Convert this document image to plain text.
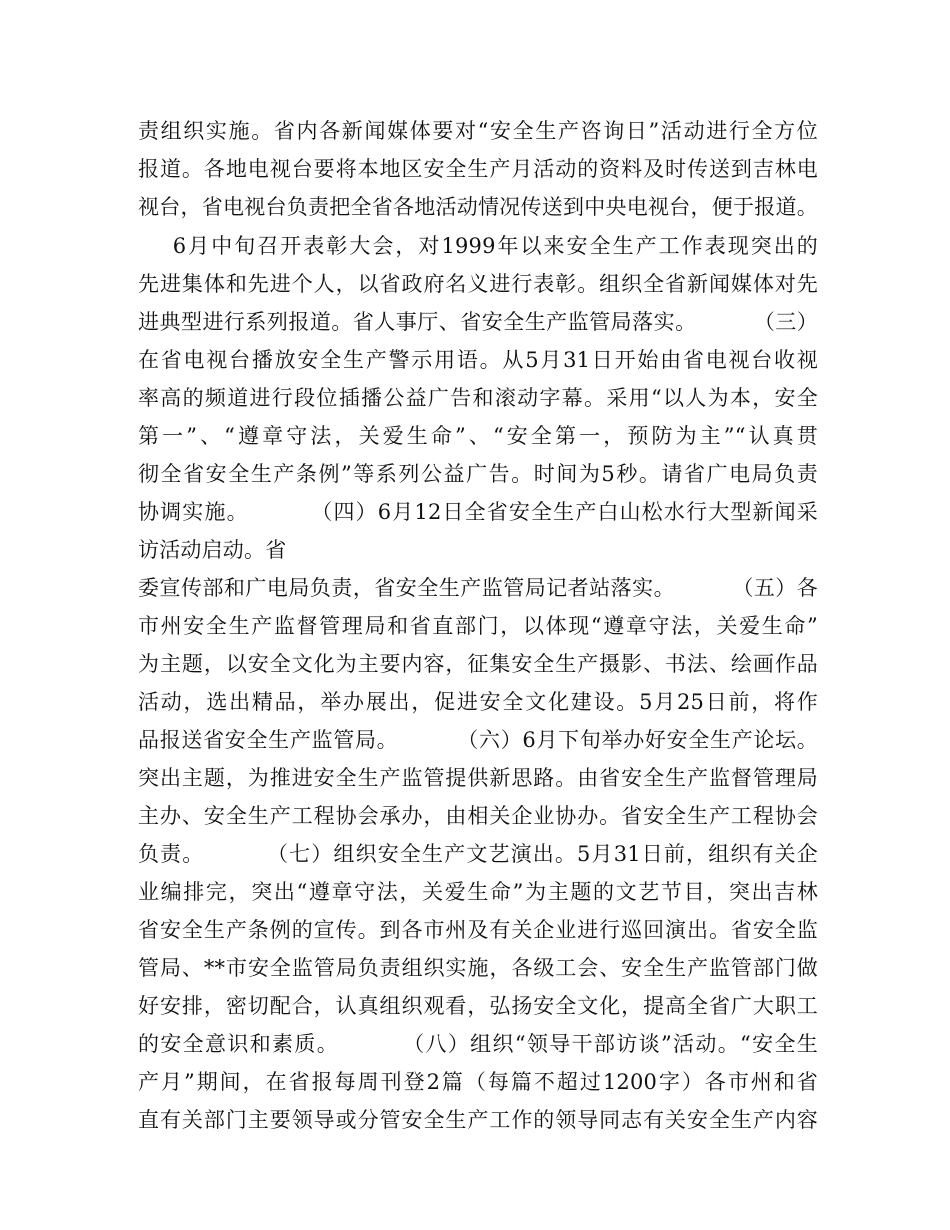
责组织实施。省内各新闻媒体要对“安全生产咨询日”活动进行全方位
报道。各地电视台要将本地区安全生产月活动的资料及时传送到吉林电
视台，省电视台负责把全省各地活动情况传送到中央电视台，便于报道。
6月中旬召开表彰大会，对1999年以来安全生产工作表现突出的
先进集体和先进个人，以省政府名义进行表彰。组织全省新闻媒体对先
进典型进行系列报道。省人事厅、省安全生产监管局落实。        （三）
在省电视台播放安全生产警示用语。从5月31日开始由省电视台收视
率高的频道进行段位插播公益广告和滚动字幕。采用“以人为本，安全
第一”、“遵章守法，关爱生命”、“安全第一，预防为主”“认真贯
彻全省安全生产条例”等系列公益广告。时间为5秒。请省广电局负责
协调实施。        （四）6月12日全省安全生产白山松水行大型新闻采
访活动启动。省
委宣传部和广电局负责，省安全生产监管局记者站落实。        （五）各
市州安全生产监督管理局和省直部门，以体现“遵章守法，关爱生命”
为主题，以安全文化为主要内容，征集安全生产摄影、书法、绘画作品
活动，选出精品，举办展出，促进安全文化建设。5月25日前，将作
品报送省安全生产监管局。        （六）6月下旬举办好安全生产论坛。
突出主题，为推进安全生产监管提供新思路。由省安全生产监督管理局
主办、安全生产工程协会承办，由相关企业协办。省安全生产工程协会
负责。        （七）组织安全生产文艺演出。5月31日前，组织有关企
业编排完，突出“遵章守法，关爱生命”为主题的文艺节目，突出吉林
省安全生产条例的宣传。到各市州及有关企业进行巡回演出。省安全监
管局、**市安全监管局负责组织实施，各级工会、安全生产监管部门做
好安排，密切配合，认真组织观看，弘扬安全文化，提高全省广大职工
的安全意识和素质。        （八）组织“领导干部访谈”活动。“安全生
产月”期间，在省报每周刊登2篇（每篇不超过1200字）各市州和省
直有关部门主要领导或分管安全生产工作的领导同志有关安全生产内容
